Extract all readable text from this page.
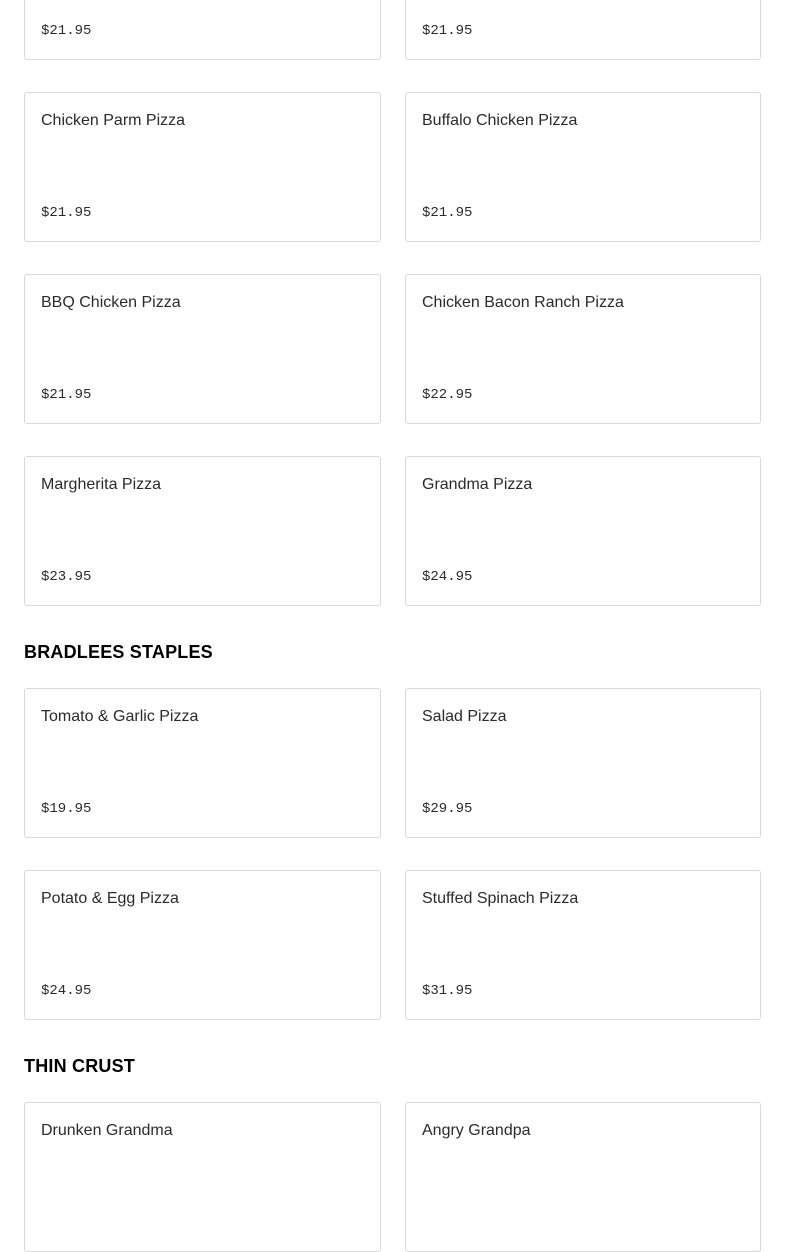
$21.95	$21.95

Chicken Parm Pizza

$21.95

Buffalo Chicken Pizza

$21.95

BBQ Chicken Pizza

$21.95

Chicken Bacon Ranch Pizza

$22.95

Margherita Pizza

$23.95

Grandma Pizza

$24.95
BRADLEES STAPLES

Tomato & Garlic Pizza

$19.95

Salad Pizza

$29.95

Potato & Egg Pizza

$24.95

Stuffed Spinach Pizza

$31.95
THIN CRUST

Drunken Grandma	Angry Grandpa
